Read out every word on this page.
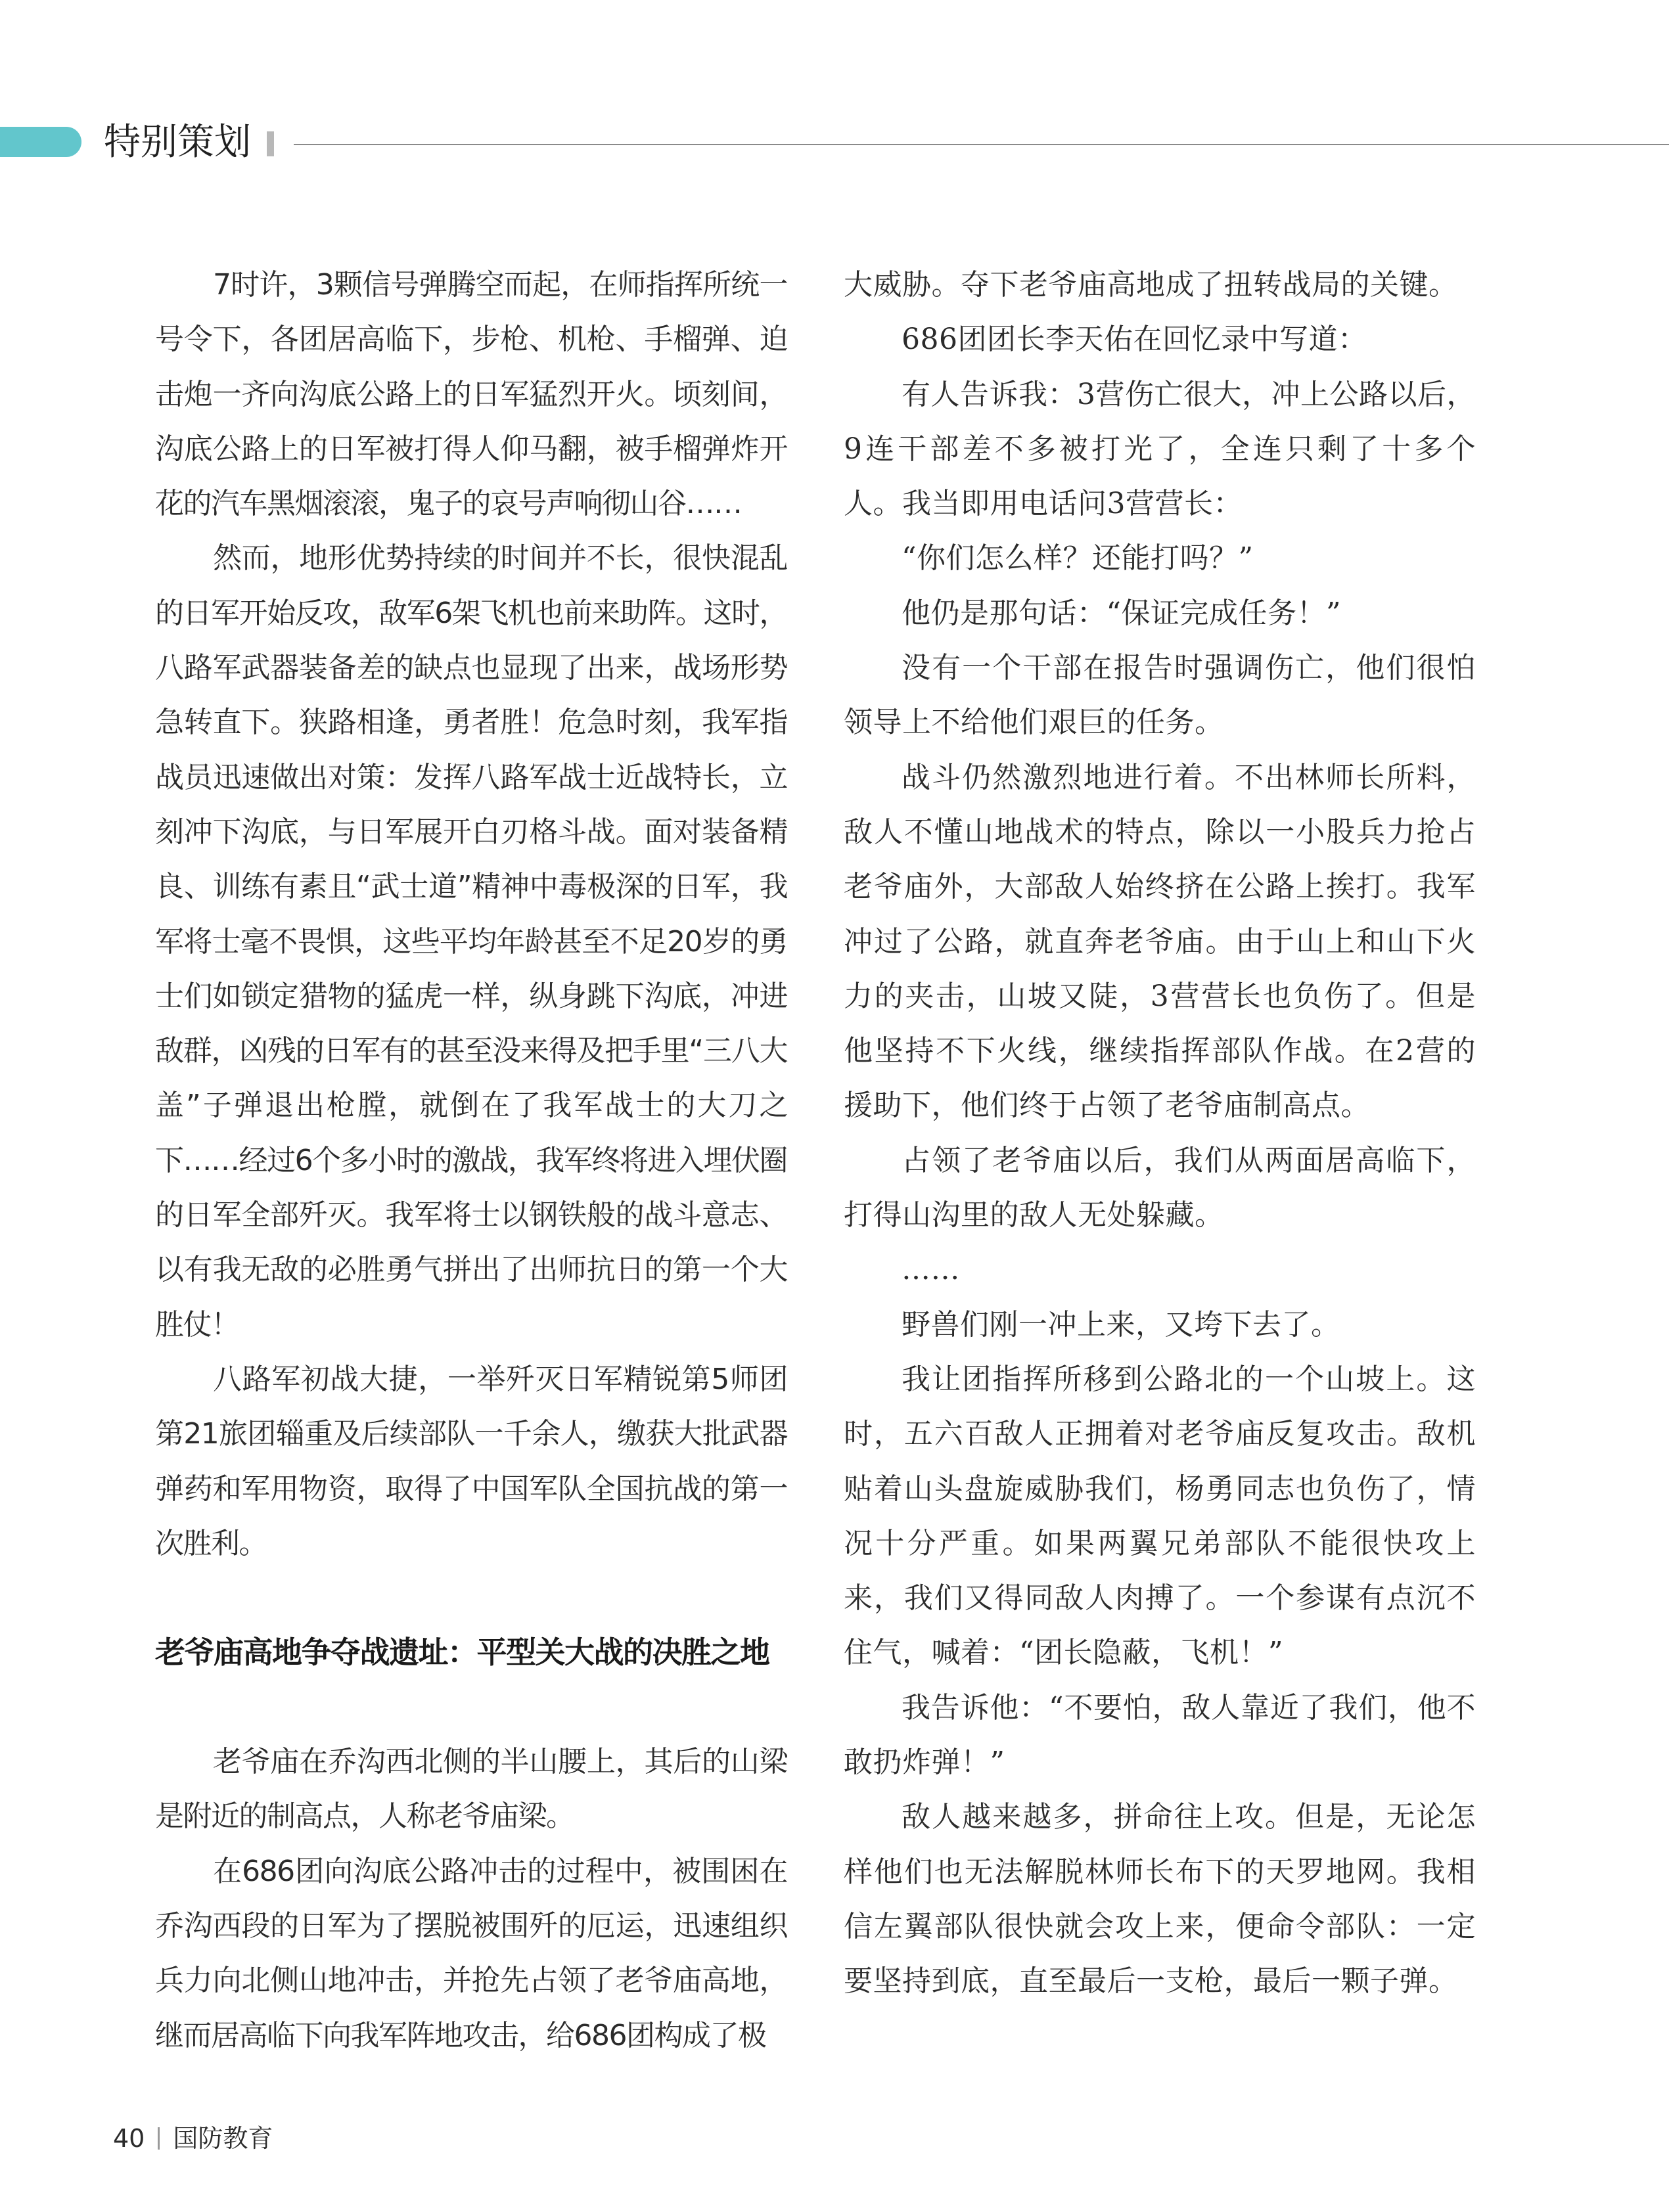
特别策划

7时许，3颗信号弹腾空而起，在师指挥所统一号令下，各团居高临下，步枪、机枪、手榴弹、迫击炮一齐向沟底公路上的日军猛烈开火。顷刻间，沟底公路上的日军被打得人仰马翻，被手榴弹炸开花的汽车黑烟滚滚，鬼子的哀号声响彻山谷……

然而，地形优势持续的时间并不长，很快混乱的日军开始反攻，敌军6架飞机也前来助阵。这时，八路军武器装备差的缺点也显现了出来，战场形势急转直下。狭路相逢，勇者胜！危急时刻，我军指战员迅速做出对策：发挥八路军战士近战特长，立刻冲下沟底，与日军展开白刃格斗战。面对装备精良、训练有素且“武士道”精神中毒极深的日军，我军将士毫不畏惧，这些平均年龄甚至不足20岁的勇士们如锁定猎物的猛虎一样，纵身跳下沟底，冲进敌群，凶残的日军有的甚至没来得及把手里“三八大盖”子弹退出枪膛，就倒在了我军战士的大刀之下……经过6个多小时的激战，我军终将进入埋伏圈的日军全部歼灭。我军将士以钢铁般的战斗意志、以有我无敌的必胜勇气拼出了出师抗日的第一个大胜仗！

八路军初战大捷，一举歼灭日军精锐第5师团第21旅团辎重及后续部队一千余人，缴获大批武器弹药和军用物资，取得了中国军队全国抗战的第一次胜利。

老爷庙高地争夺战遗址：平型关大战的决胜之地

老爷庙在乔沟西北侧的半山腰上，其后的山梁是附近的制高点，人称老爷庙梁。

在686团向沟底公路冲击的过程中，被围困在乔沟西段的日军为了摆脱被围歼的厄运，迅速组织兵力向北侧山地冲击，并抢先占领了老爷庙高地，继而居高临下向我军阵地攻击，给686团构成了极

大威胁。夺下老爷庙高地成了扭转战局的关键。

686团团长李天佑在回忆录中写道：

有人告诉我：3营伤亡很大，冲上公路以后，9连干部差不多被打光了，全连只剩了十多个人。我当即用电话问3营营长：

“你们怎么样？还能打吗？”

他仍是那句话：“保证完成任务！”

没有一个干部在报告时强调伤亡，他们很怕领导上不给他们艰巨的任务。

战斗仍然激烈地进行着。不出林师长所料，敌人不懂山地战术的特点，除以一小股兵力抢占老爷庙外，大部敌人始终挤在公路上挨打。我军冲过了公路，就直奔老爷庙。由于山上和山下火力的夹击，山坡又陡，3营营长也负伤了。但是他坚持不下火线，继续指挥部队作战。在2营的援助下，他们终于占领了老爷庙制高点。

占领了老爷庙以后，我们从两面居高临下，打得山沟里的敌人无处躲藏。

……

野兽们刚一冲上来，又垮下去了。

我让团指挥所移到公路北的一个山坡上。这时，五六百敌人正拥着对老爷庙反复攻击。敌机贴着山头盘旋威胁我们，杨勇同志也负伤了，情况十分严重。如果两翼兄弟部队不能很快攻上来，我们又得同敌人肉搏了。一个参谋有点沉不住气，喊着：“团长隐蔽，飞机！”

我告诉他：“不要怕，敌人靠近了我们，他不敢扔炸弹！”

敌人越来越多，拼命往上攻。但是，无论怎样他们也无法解脱林师长布下的天罗地网。我相信左翼部队很快就会攻上来，便命令部队：一定要坚持到底，直至最后一支枪，最后一颗子弹。

40 国防教育
